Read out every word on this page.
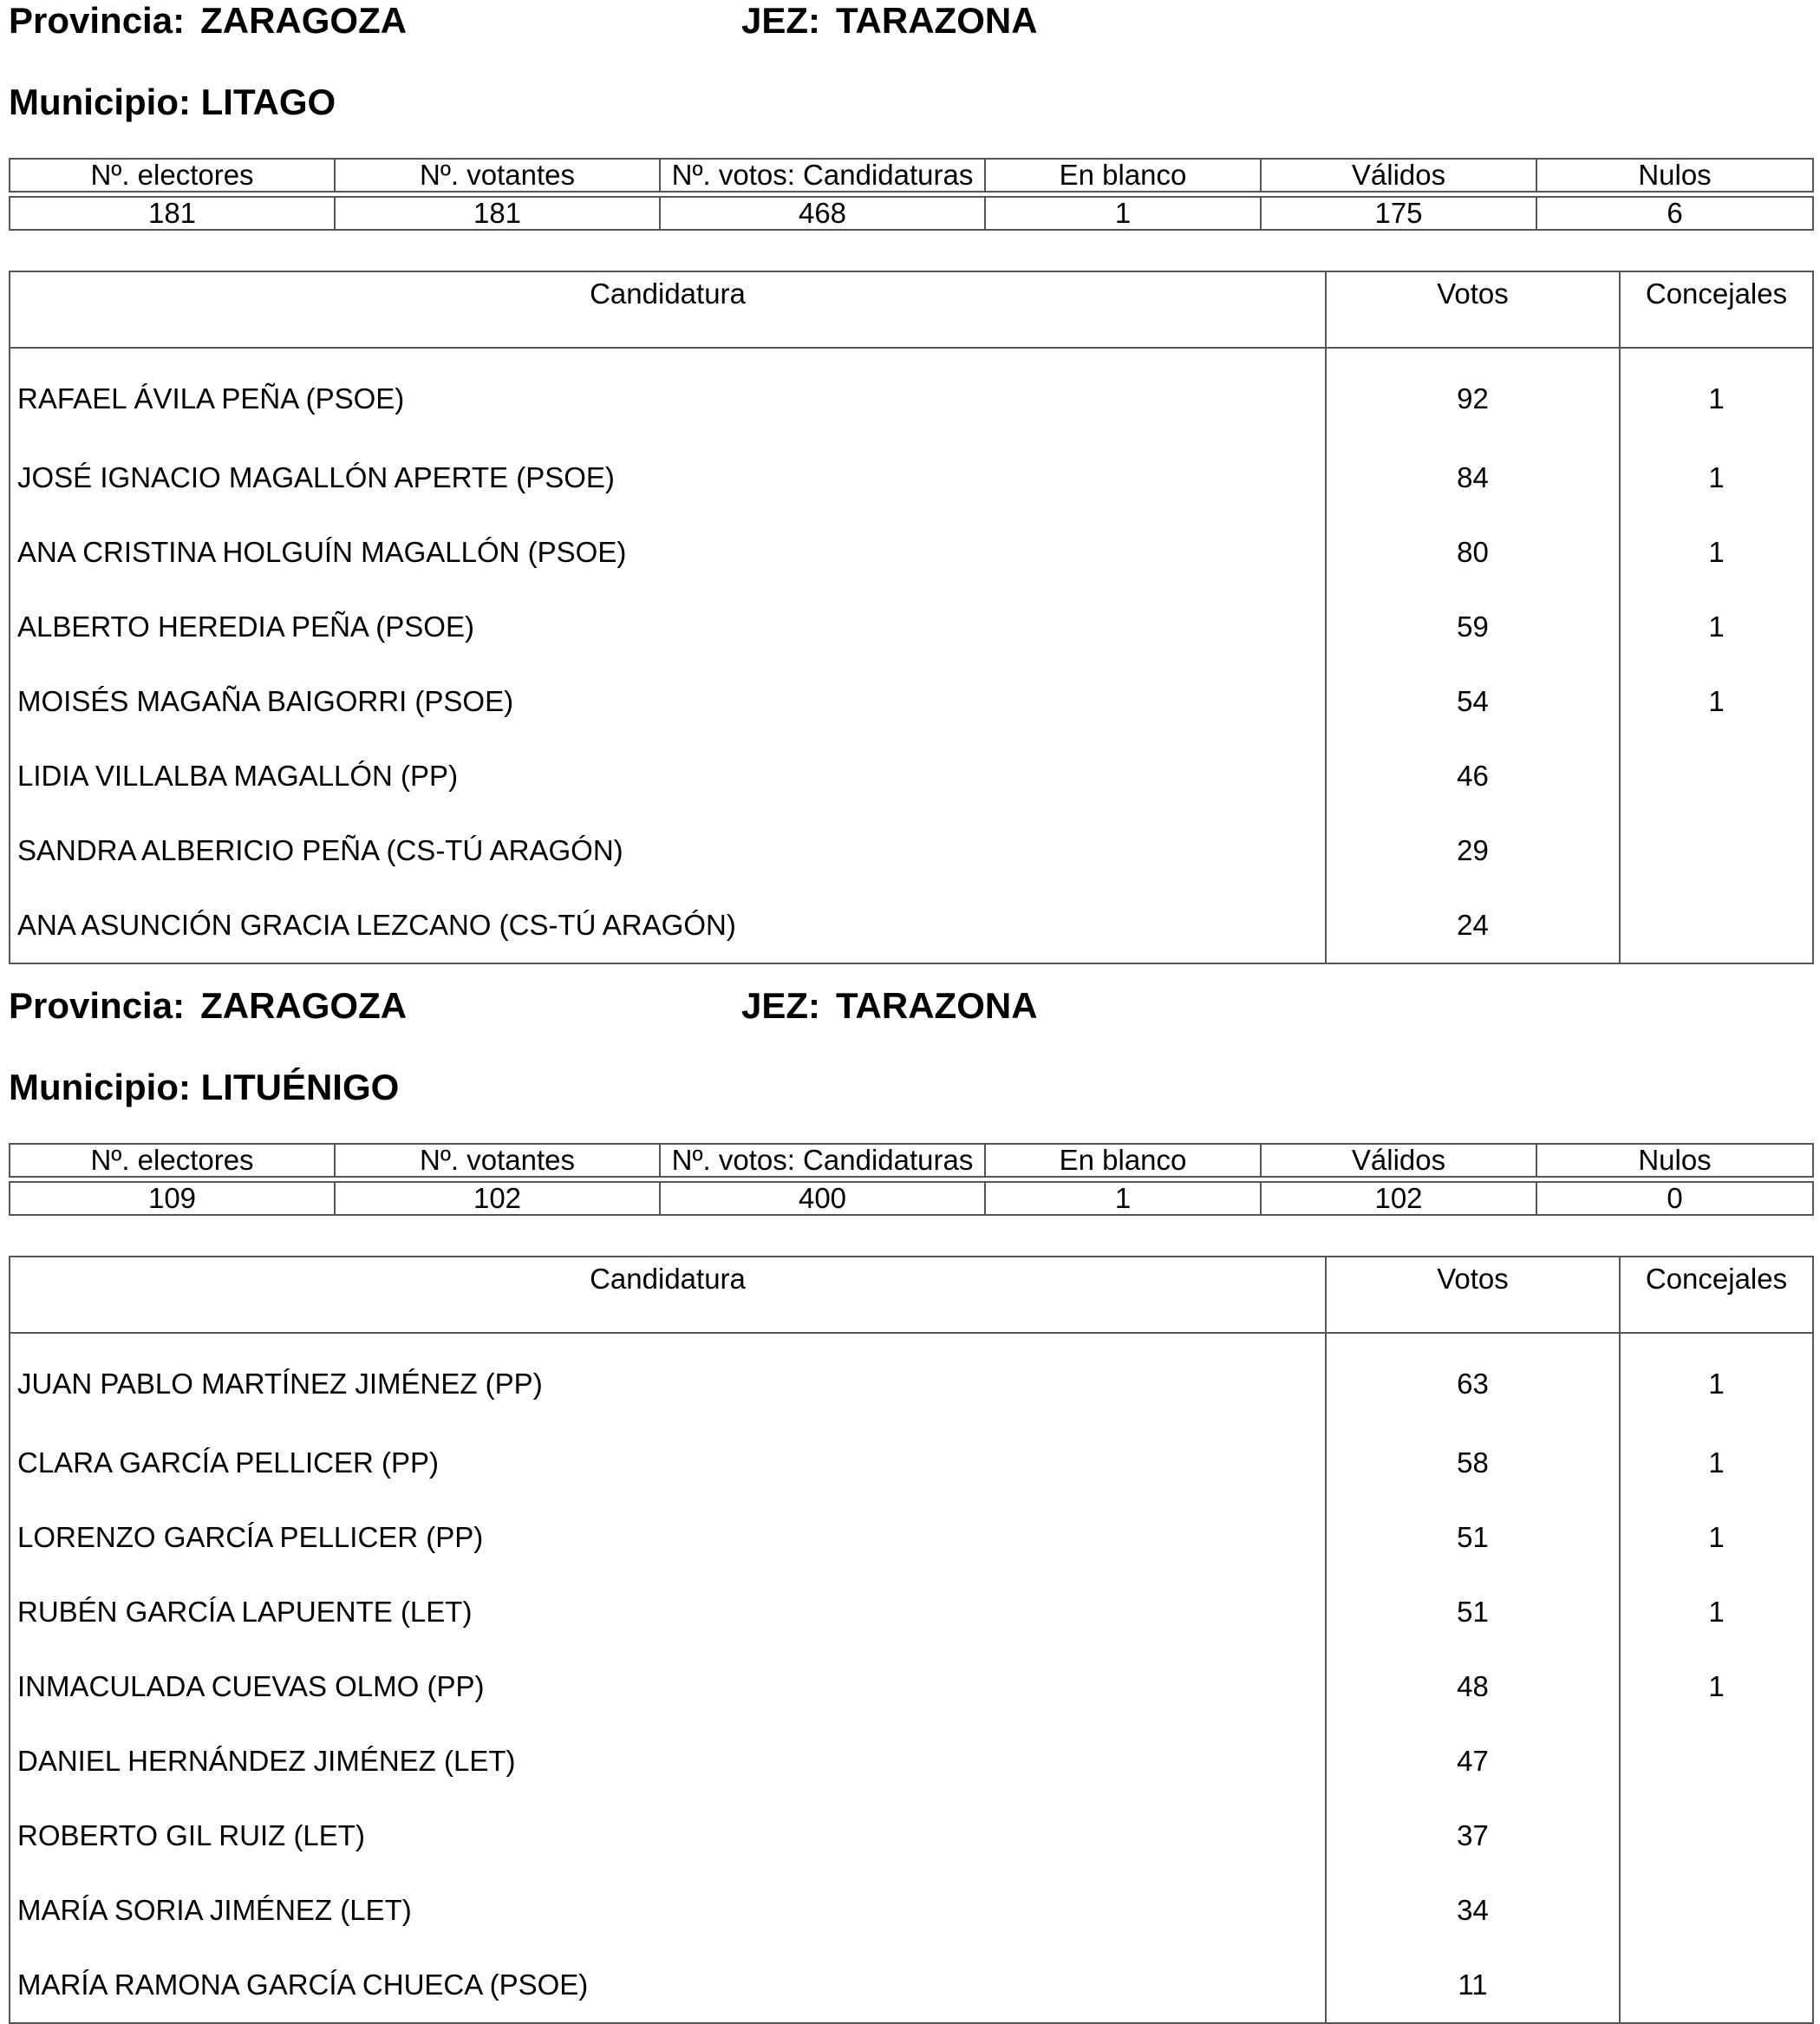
Provincia: ZARAGOZA	JEZ: TARAZONA
Municipio: LITAGO
Nº. electores	Nº. votantes	Nº. votos: Candidaturas	En blanco	Válidos	Nulos
181	181	468	1	175	6
Candidatura	Votos	Concejales
RAFAEL ÁVILA PEÑA (PSOE)	92	1
JOSÉ IGNACIO MAGALLÓN APERTE (PSOE)	84	1
ANA CRISTINA HOLGUÍN MAGALLÓN (PSOE)	80	1
ALBERTO HEREDIA PEÑA (PSOE)	59	1
MOISÉS MAGAÑA BAIGORRI (PSOE)	54	1
LIDIA VILLALBA MAGALLÓN (PP)	46	
SANDRA ALBERICIO PEÑA (CS-TÚ ARAGÓN)	29	
ANA ASUNCIÓN GRACIA LEZCANO (CS-TÚ ARAGÓN)	24	
Provincia: ZARAGOZA	JEZ: TARAZONA
Municipio: LITUÉNIGO
Nº. electores	Nº. votantes	Nº. votos: Candidaturas	En blanco	Válidos	Nulos
109	102	400	1	102	0
Candidatura	Votos	Concejales
JUAN PABLO MARTÍNEZ JIMÉNEZ (PP)	63	1
CLARA GARCÍA PELLICER (PP)	58	1
LORENZO GARCÍA PELLICER (PP)	51	1
RUBÉN GARCÍA LAPUENTE (LET)	51	1
INMACULADA CUEVAS OLMO (PP)	48	1
DANIEL HERNÁNDEZ JIMÉNEZ (LET)	47	
ROBERTO GIL RUIZ (LET)	37	
MARÍA SORIA JIMÉNEZ (LET)	34	
MARÍA RAMONA GARCÍA CHUECA (PSOE)	11	
